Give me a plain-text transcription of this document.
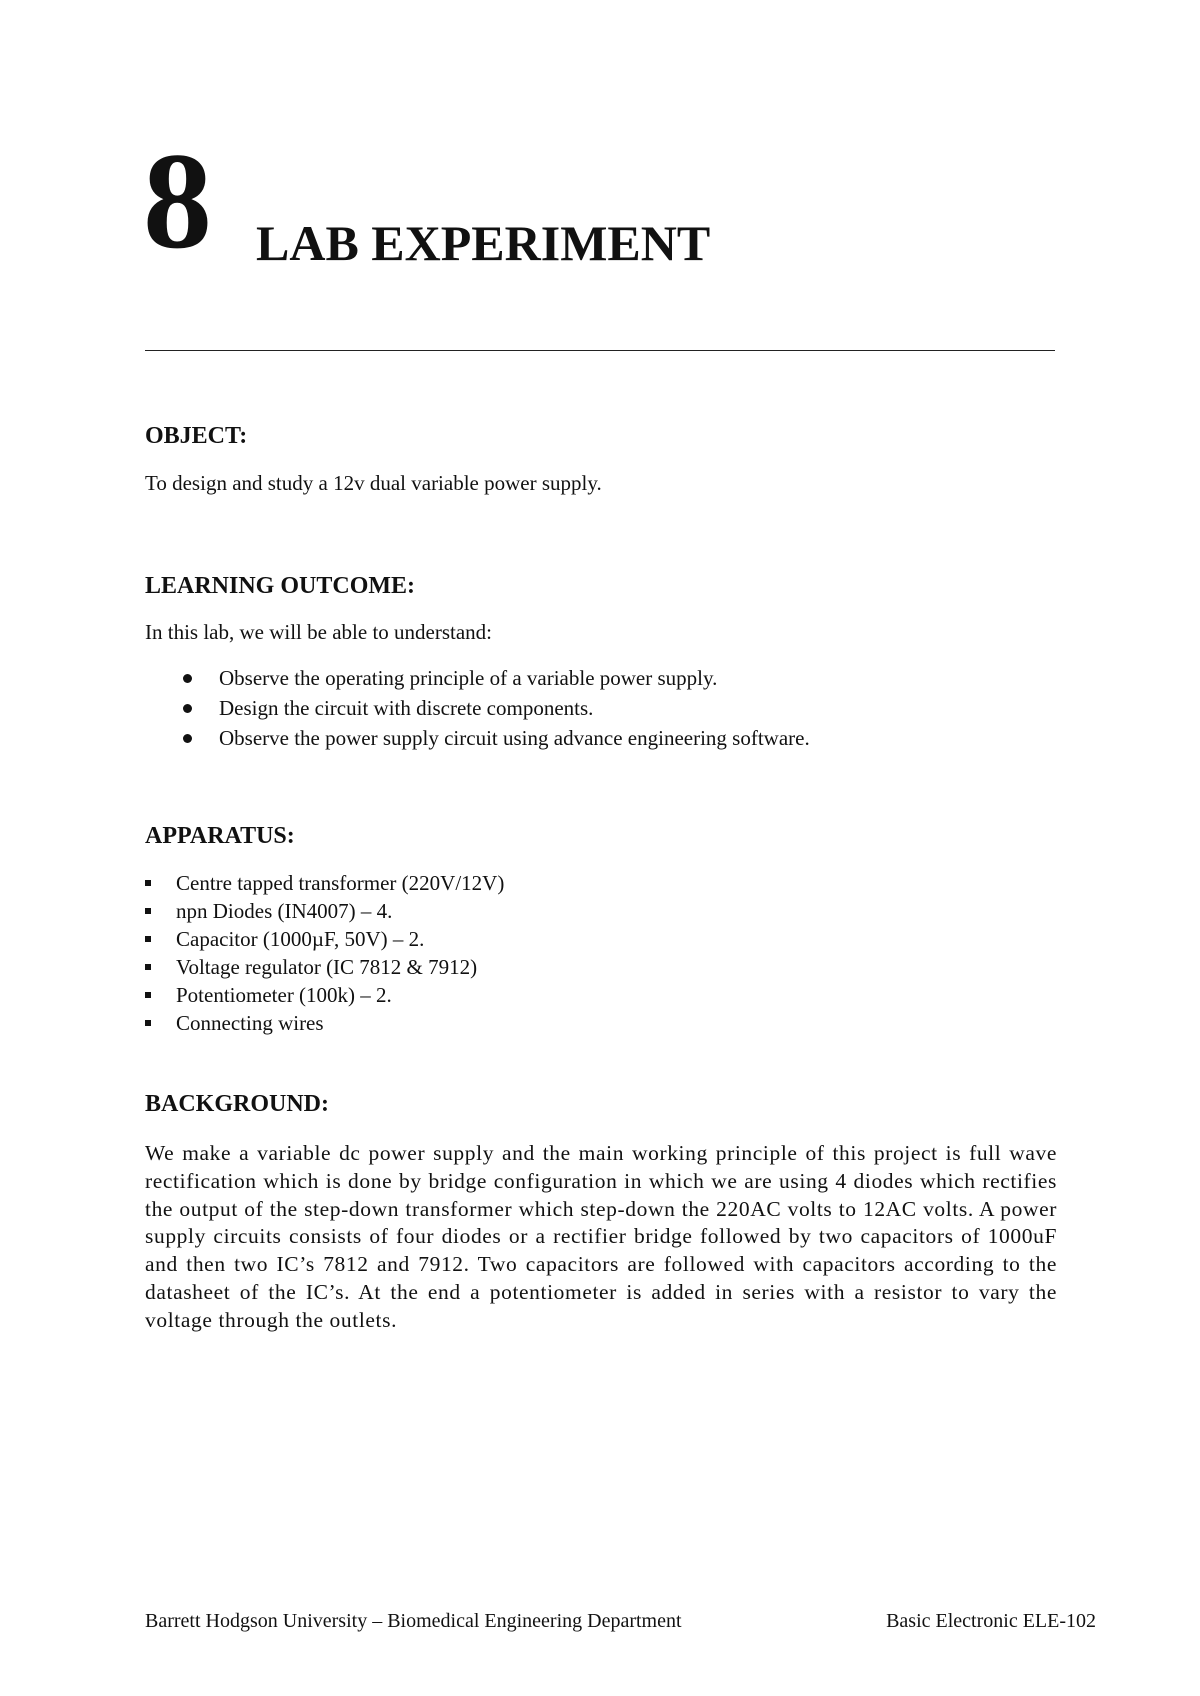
8 LAB EXPERIMENT
OBJECT:
To design and study a 12v dual variable power supply.
LEARNING OUTCOME:
In this lab, we will be able to understand:
Observe the operating principle of a variable power supply.
Design the circuit with discrete components.
Observe the power supply circuit using advance engineering software.
APPARATUS:
Centre tapped transformer (220V/12V)
npn Diodes (IN4007) – 4.
Capacitor (1000µF, 50V) – 2.
Voltage regulator (IC 7812 & 7912)
Potentiometer (100k) – 2.
Connecting wires
BACKGROUND:

We make a variable dc power supply and the main working principle of this project is full wave rectification which is done by bridge configuration in which we are using 4 diodes which rectifies the output of the step-down transformer which step-down the 220AC volts to 12AC volts. A power supply circuits consists of four diodes or a rectifier bridge followed by two capacitors of 1000uF and then two IC’s 7812 and 7912. Two capacitors are followed with capacitors according to the datasheet of the IC’s. At the end a potentiometer is added in series with a resistor to vary the voltage through the outlets.

Barrett Hodgson University – Biomedical Engineering Department	Basic Electronic ELE-102
